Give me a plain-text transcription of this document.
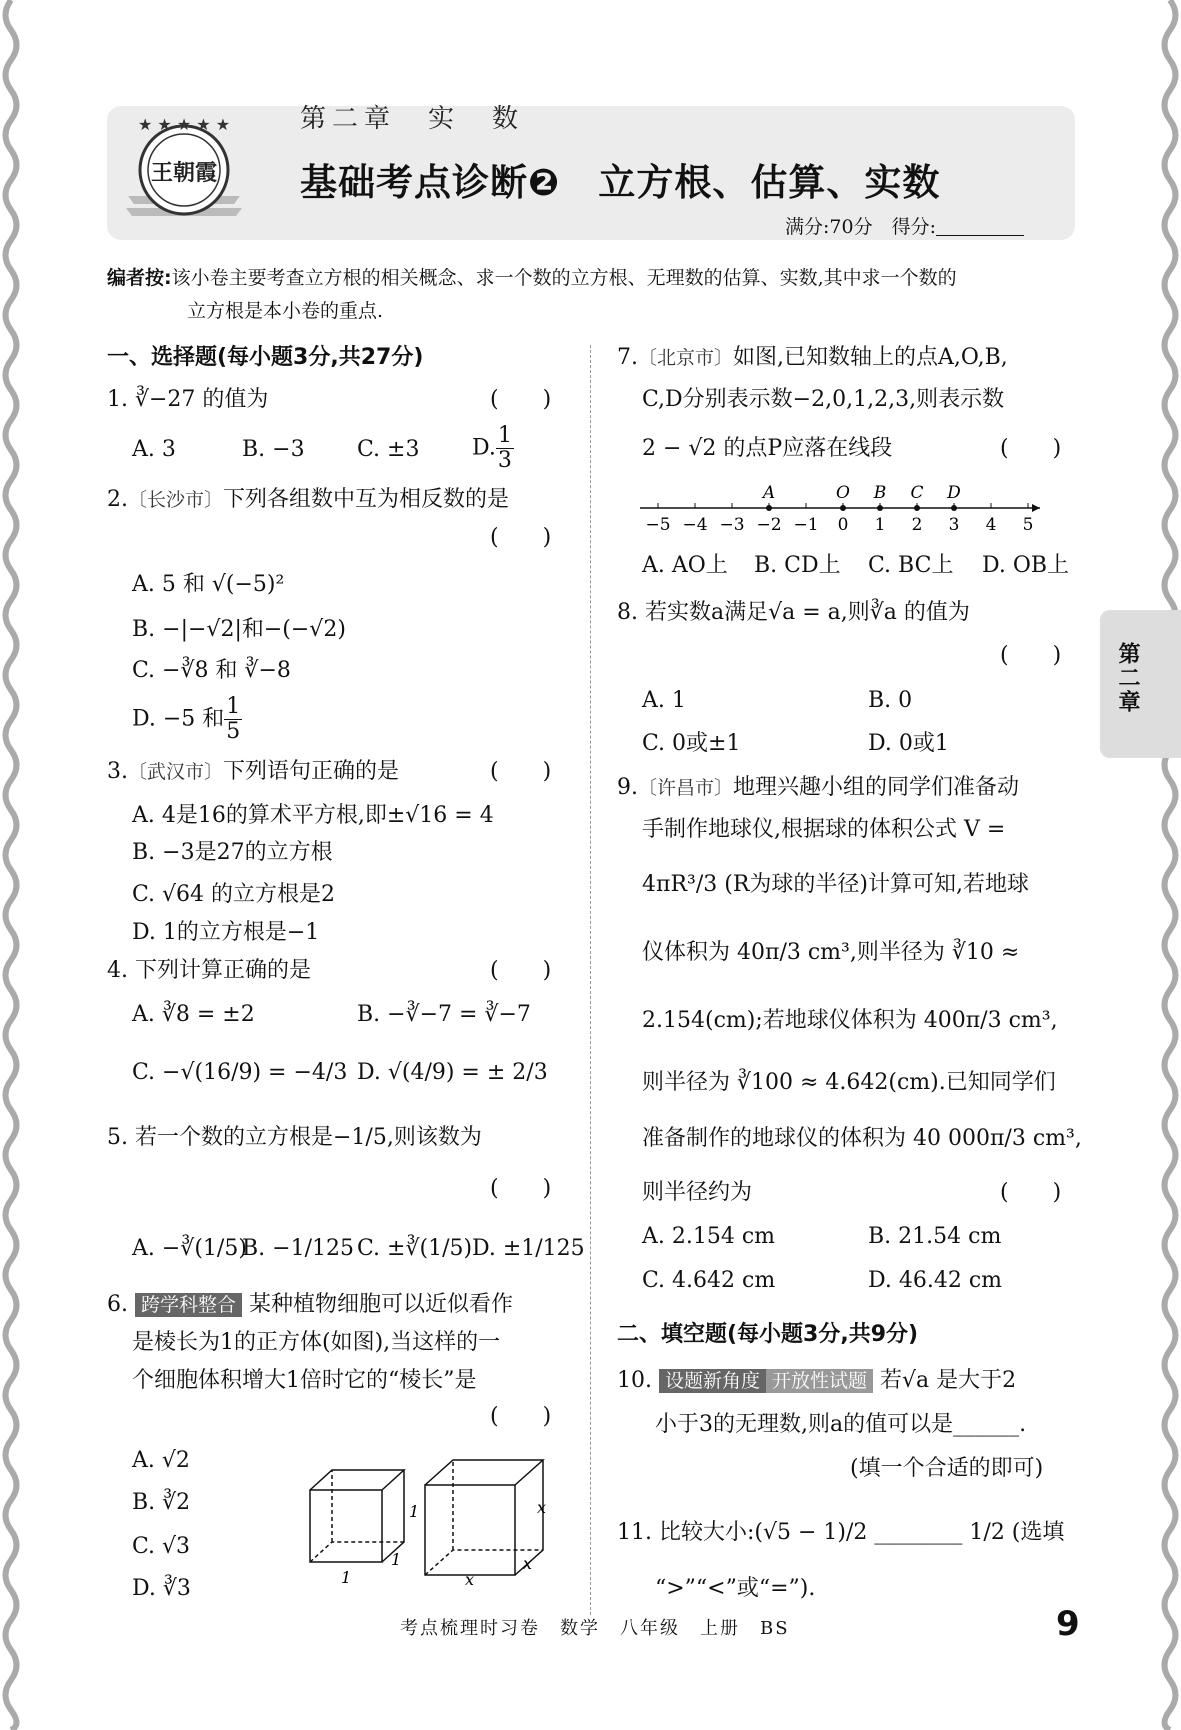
★ ★ ★ ★ ★
王朝霞
第二章　实　数
基础考点诊断❷　立方根、估算、实数
满分:70分　得分:
编者按:该小卷主要考查立方根的相关概念、求一个数的立方根、无理数的估算、实数,其中求一个数的
立方根是本小卷的重点.
一、选择题(每小题3分,共27分)
1. ∛−27 的值为	(　　)
A. 3	B. −3 C. ±3 D. $\frac{1}{3}$
2.〔长沙市〕下列各组数中互为相反数的是
(　　)
A. 5 和 √(−5)²
B. −|−√2|和−(−√2)
C. −∛8 和 ∛−8
D. −5 和 $\frac{1}{5}$
3.〔武汉市〕下列语句正确的是	(　　)
A. 4是16的算术平方根,即±√16 = 4
B. −3是27的立方根
C. √64 的立方根是2
D. 1的立方根是−1
4. 下列计算正确的是	(　　)
A. ∛8 = ±2	B. −∛−7 = ∛−7
C. −√(16/9) = −4/3 D. √(4/9) = ± 2/3
5. 若一个数的立方根是−1/5,则该数为
(　　)
A. −∛(1/5)
B. −1/125 C. ±∛(1/5) D. ±1/125
6. 跨学科整合 某种植物细胞可以近似看作
是棱长为1的正方体(如图),当这样的一
个细胞体积增大1倍时它的“棱长”是
(　　)
A. √2
B. ∛2
C. √3
D. ∛3	1
1
1
x
x
x
7.〔北京市〕如图,已知数轴上的点A,O,B,
C,D分别表示数−2,0,1,2,3,则表示数
2 − √2 的点P应落在线段	(　　)
−5 −4 −3 −2 −1 0 1 2 3 4 5
A	O B C D
A. AO上 B. CD上 C. BC上 D. OB上
8. 若实数a满足√a = a,则∛a 的值为
(　　)
A. 1	B. 0
C. 0或±1	D. 0或1
9.〔许昌市〕地理兴趣小组的同学们准备动
手制作地球仪,根据球的体积公式 V =
4πR³/3 (R为球的半径)计算可知,若地球
仪体积为 40π/3 cm³,则半径为 ∛10 ≈
2.154(cm);若地球仪体积为 400π/3 cm³,
则半径为 ∛100 ≈ 4.642(cm).已知同学们
准备制作的地球仪的体积为 40 000π/3 cm³,
则半径约为	(　　)
A. 2.154 cm	B. 21.54 cm
C. 4.642 cm	D. 46.42 cm
二、填空题(每小题3分,共9分)
10. 设题新角度 开放性试题 若√a 是大于2
小于3的无理数,则a的值可以是______.
(填一个合适的即可)
11. 比较大小:(√5 − 1)/2 ________ 1/2 (选填
“>”“<”或“=”).
第二章
考点梳理时习卷　数学　八年级　上册　BS	9
